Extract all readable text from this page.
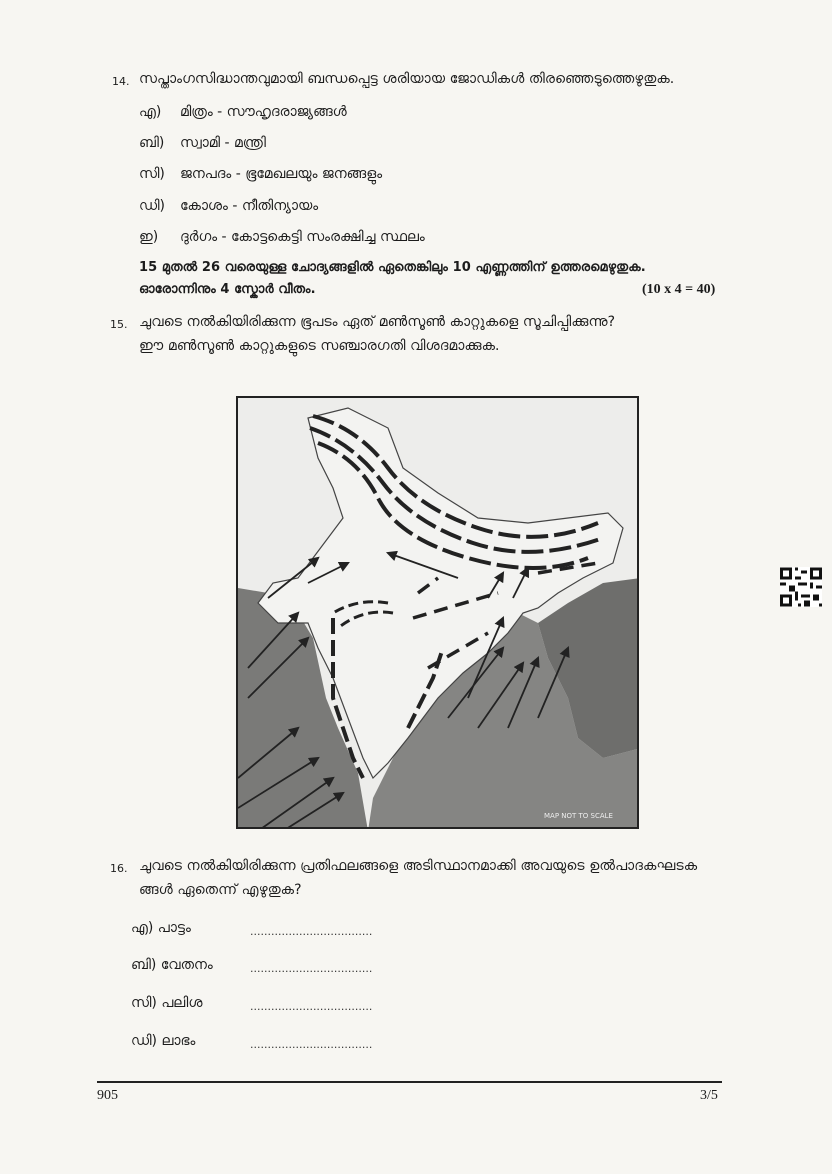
14. സപ്താംഗസിദ്ധാന്തവുമായി ബന്ധപ്പെട്ട ശരിയായ ജോഡികൾ തിരഞ്ഞെടുത്തെഴുതുക.
എ) മിത്രം - സൗഹൃദരാജ്യങ്ങൾ
ബി) സ്വാമി - മന്ത്രി
സി) ജനപദം - ഭൂമേഖലയും ജനങ്ങളും
ഡി) കോശം - നീതിന്യായം
ഇ) ദുർഗം - കോട്ടകെട്ടി സംരക്ഷിച്ച സ്ഥലം
15 മുതൽ 26 വരെയുള്ള ചോദ്യങ്ങളിൽ ഏതെങ്കിലും 10 എണ്ണത്തിന് ഉത്തരമെഴുതുക.
ഓരോന്നിനും 4 സ്കോർ വീതം.	(10 x 4 = 40)
15. ചുവടെ നൽകിയിരിക്കുന്ന ഭൂപടം ഏത് മൺസൂൺ കാറ്റുകളെ സൂചിപ്പിക്കുന്നു?
ഈ മൺസൂൺ കാറ്റുകളുടെ സഞ്ചാരഗതി വിശദമാക്കുക.
MAP NOT TO SCALE
16. ചുവടെ നൽകിയിരിക്കുന്ന പ്രതിഫലങ്ങളെ അടിസ്ഥാനമാക്കി അവയുടെ ഉൽപാദകഘടക
ങ്ങൾ ഏതെന്ന് എഴുതുക?
എ) പാട്ടം	...................................
ബി) വേതനം	...................................
സി) പലിശ	...................................
ഡി) ലാഭം	...................................
905	3/5
